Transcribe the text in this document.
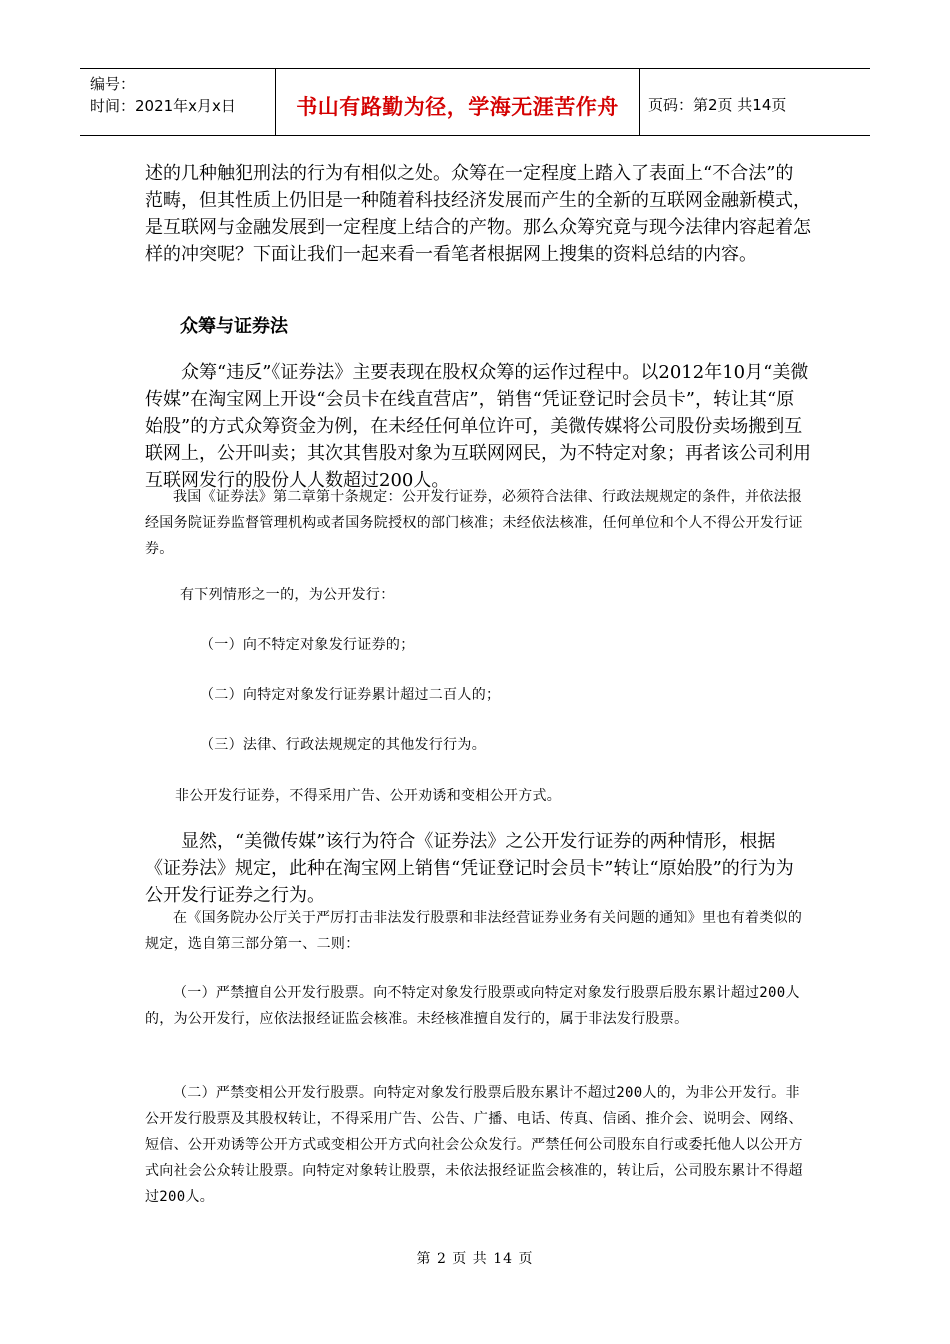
编号：
时间：2021年x月x日	书山有路勤为径，学海无涯苦作舟 页码：第2页 共14页

述的几种触犯刑法的行为有相似之处。众筹在一定程度上踏入了表面上“不合法”的范畴，但其性质上仍旧是一种随着科技经济发展而产生的全新的互联网金融新模式，是互联网与金融发展到一定程度上结合的产物。那么众筹究竟与现今法律内容起着怎样的冲突呢？下面让我们一起来看一看笔者根据网上搜集的资料总结的内容。

众筹与证券法

众筹“违反”《证券法》主要表现在股权众筹的运作过程中。以2012年10月“美微传媒”在淘宝网上开设“会员卡在线直营店”，销售“凭证登记时会员卡”，转让其“原始股”的方式众筹资金为例，在未经任何单位许可，美微传媒将公司股份卖场搬到互联网上，公开叫卖；其次其售股对象为互联网网民，为不特定对象；再者该公司利用互联网发行的股份人人数超过200人。

我国《证券法》第二章第十条规定：公开发行证券，必须符合法律、行政法规规定的条件，并依法报经国务院证券监督管理机构或者国务院授权的部门核准；未经依法核准，任何单位和个人不得公开发行证券。

有下列情形之一的，为公开发行：

（一）向不特定对象发行证券的；

（二）向特定对象发行证券累计超过二百人的；

（三）法律、行政法规规定的其他发行行为。

非公开发行证券，不得采用广告、公开劝诱和变相公开方式。

显然，“美微传媒”该行为符合《证券法》之公开发行证券的两种情形，根据《证券法》规定，此种在淘宝网上销售“凭证登记时会员卡”转让“原始股”的行为为公开发行证券之行为。

在《国务院办公厅关于严厉打击非法发行股票和非法经营证券业务有关问题的通知》里也有着类似的规定，选自第三部分第一、二则：

（一）严禁擅自公开发行股票。向不特定对象发行股票或向特定对象发行股票后股东累计超过200人的，为公开发行，应依法报经证监会核准。未经核准擅自发行的，属于非法发行股票。

（二）严禁变相公开发行股票。向特定对象发行股票后股东累计不超过200人的，为非公开发行。非公开发行股票及其股权转让，不得采用广告、公告、广播、电话、传真、信函、推介会、说明会、网络、短信、公开劝诱等公开方式或变相公开方式向社会公众发行。严禁任何公司股东自行或委托他人以公开方式向社会公众转让股票。向特定对象转让股票，未依法报经证监会核准的，转让后，公司股东累计不得超过200人。

第 2 页 共 14 页
